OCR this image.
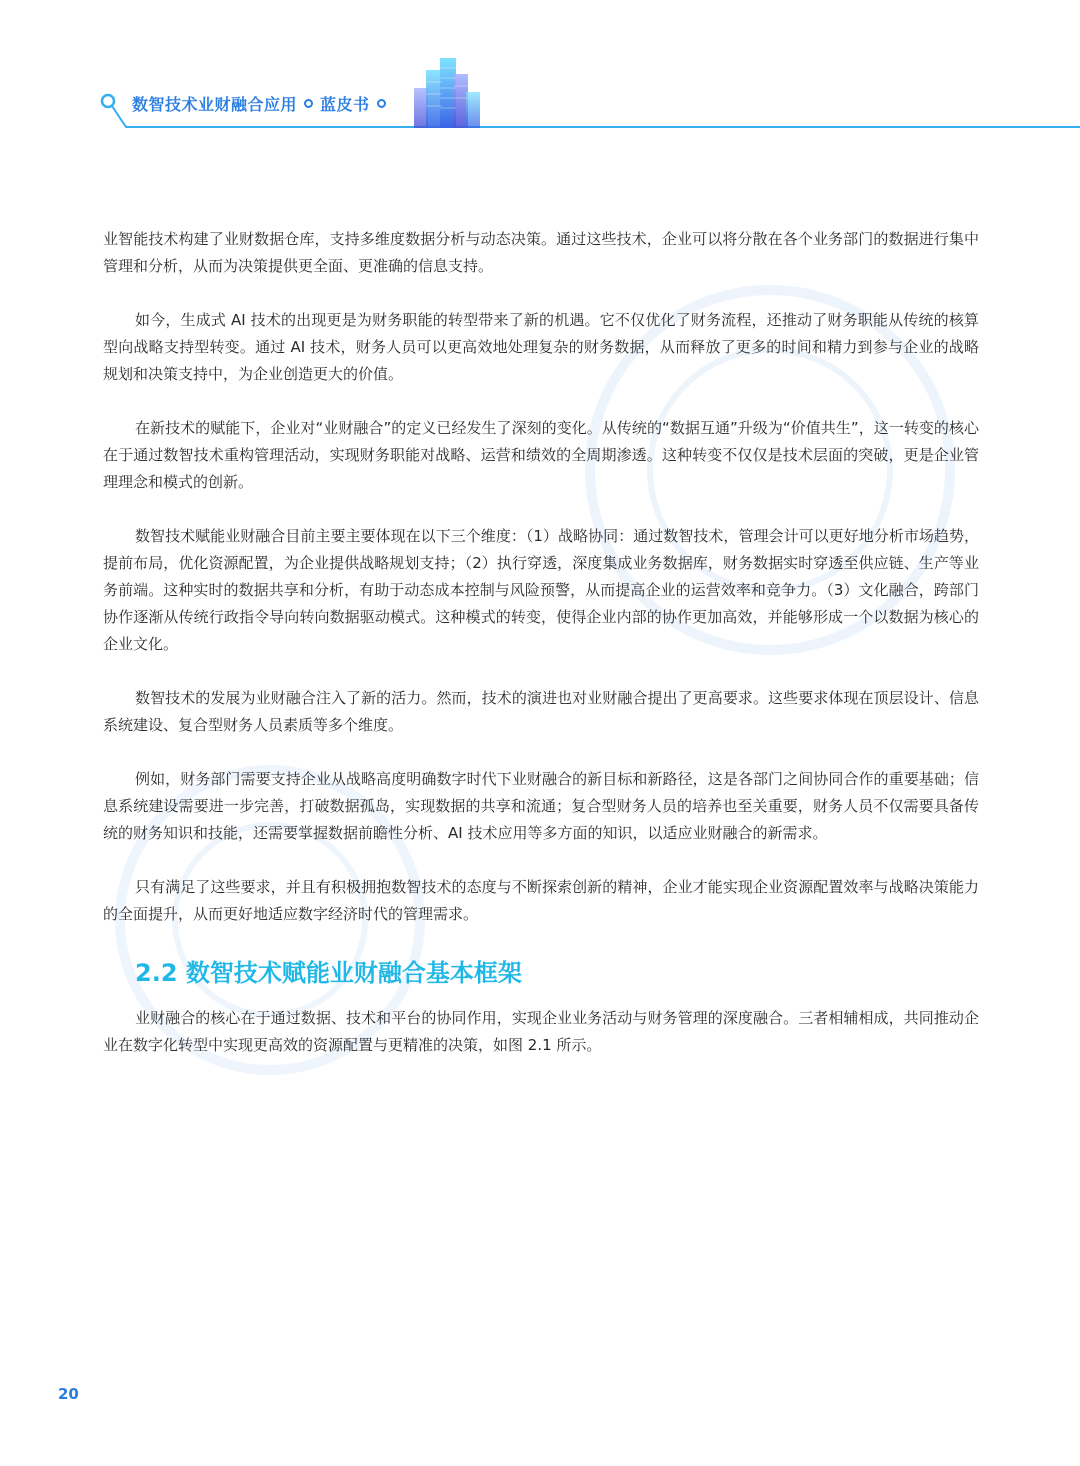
数智技术业财融合应用 蓝皮书

业智能技术构建了业财数据仓库，支持多维度数据分析与动态决策。通过这些技术，企业可以将分散在各个业务部门的数据进行集中管理和分析，从而为决策提供更全面、更准确的信息支持。

如今，生成式 AI 技术的出现更是为财务职能的转型带来了新的机遇。它不仅优化了财务流程，还推动了财务职能从传统的核算型向战略支持型转变。通过 AI 技术，财务人员可以更高效地处理复杂的财务数据，从而释放了更多的时间和精力到参与企业的战略规划和决策支持中，为企业创造更大的价值。

在新技术的赋能下，企业对“业财融合”的定义已经发生了深刻的变化。从传统的“数据互通”升级为“价值共生”，这一转变的核心在于通过数智技术重构管理活动，实现财务职能对战略、运营和绩效的全周期渗透。这种转变不仅仅是技术层面的突破，更是企业管理理念和模式的创新。

数智技术赋能业财融合目前主要主要体现在以下三个维度：（1）战略协同：通过数智技术，管理会计可以更好地分析市场趋势，提前布局，优化资源配置，为企业提供战略规划支持；（2）执行穿透，深度集成业务数据库，财务数据实时穿透至供应链、生产等业务前端。这种实时的数据共享和分析，有助于动态成本控制与风险预警，从而提高企业的运营效率和竞争力。（3）文化融合，跨部门协作逐渐从传统行政指令导向转向数据驱动模式。这种模式的转变，使得企业内部的协作更加高效，并能够形成一个以数据为核心的企业文化。

数智技术的发展为业财融合注入了新的活力。然而，技术的演进也对业财融合提出了更高要求。这些要求体现在顶层设计、信息系统建设、复合型财务人员素质等多个维度。

例如，财务部门需要支持企业从战略高度明确数字时代下业财融合的新目标和新路径，这是各部门之间协同合作的重要基础；信息系统建设需要进一步完善，打破数据孤岛，实现数据的共享和流通；复合型财务人员的培养也至关重要，财务人员不仅需要具备传统的财务知识和技能，还需要掌握数据前瞻性分析、AI 技术应用等多方面的知识，以适应业财融合的新需求。

只有满足了这些要求，并且有积极拥抱数智技术的态度与不断探索创新的精神，企业才能实现企业资源配置效率与战略决策能力的全面提升，从而更好地适应数字经济时代的管理需求。

2.2 数智技术赋能业财融合基本框架

业财融合的核心在于通过数据、技术和平台的协同作用，实现企业业务活动与财务管理的深度融合。三者相辅相成，共同推动企业在数字化转型中实现更高效的资源配置与更精准的决策，如图 2.1 所示。

20
